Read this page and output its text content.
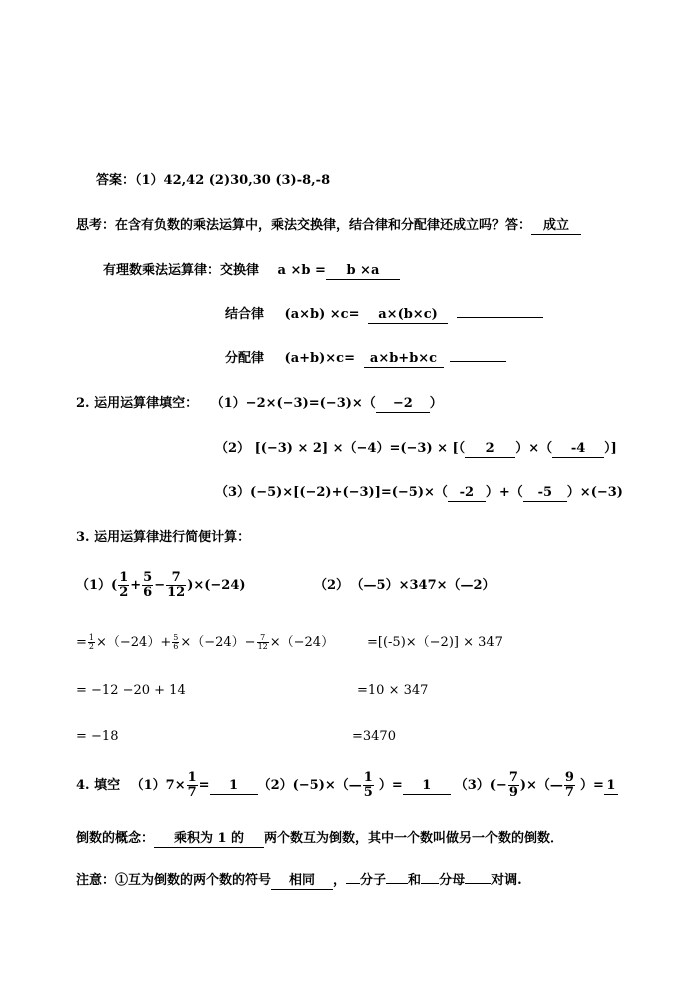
答案：（1）42,42 (2)30,30 (3)-8,-8
思考：在含有负数的乘法运算中，乘法交换律，结合律和分配律还成立吗？答： 成立
有理数乘法运算律：交换律 a ×b = b ×a
结合律 (a×b) ×c= a×(b×c)
分配律 (a+b)×c= a×b+b×c
2. 运用运算律填空： （1）−2×(−3)=(−3)×（ −2 ）
（2） [(−3) × 2] ×（−4）=(−3) × [（ 2 ）×（ -4 ）]
（3）(−5)×[(−2)+(−3)]=(−5)×（ -2 ）+（ -5 ）×(−3)
3. 运用运算律进行简便计算：
$(1)( \frac{1}{2} + \frac{5}{6} - \frac{7}{12} )\times(-24)$	（2） （—5）×347×（—2）
= $\frac{1}{2} \times(-24)+ \frac{5}{6} \times(-24)- \frac{7}{12} \times(-24)$	=[(-5)×（−2)] × 347
= −12 −20 + 14	=10 × 347
= −18	=3470
4. 填空 $(1)7\times \frac{1}{7} = 1$ （2）(−5)×（— $\frac{1}{5}$ ）= 1 $(3)(- \frac{7}{9}$ )×（— $\frac{9}{7}$ ）= 1
倒数的概念： 乘积为 1 的 两个数互为倒数，其中一个数叫做另一个数的倒数．
注意：①互为倒数的两个数的符号 相同 ， 分子 和 分母 对调.
